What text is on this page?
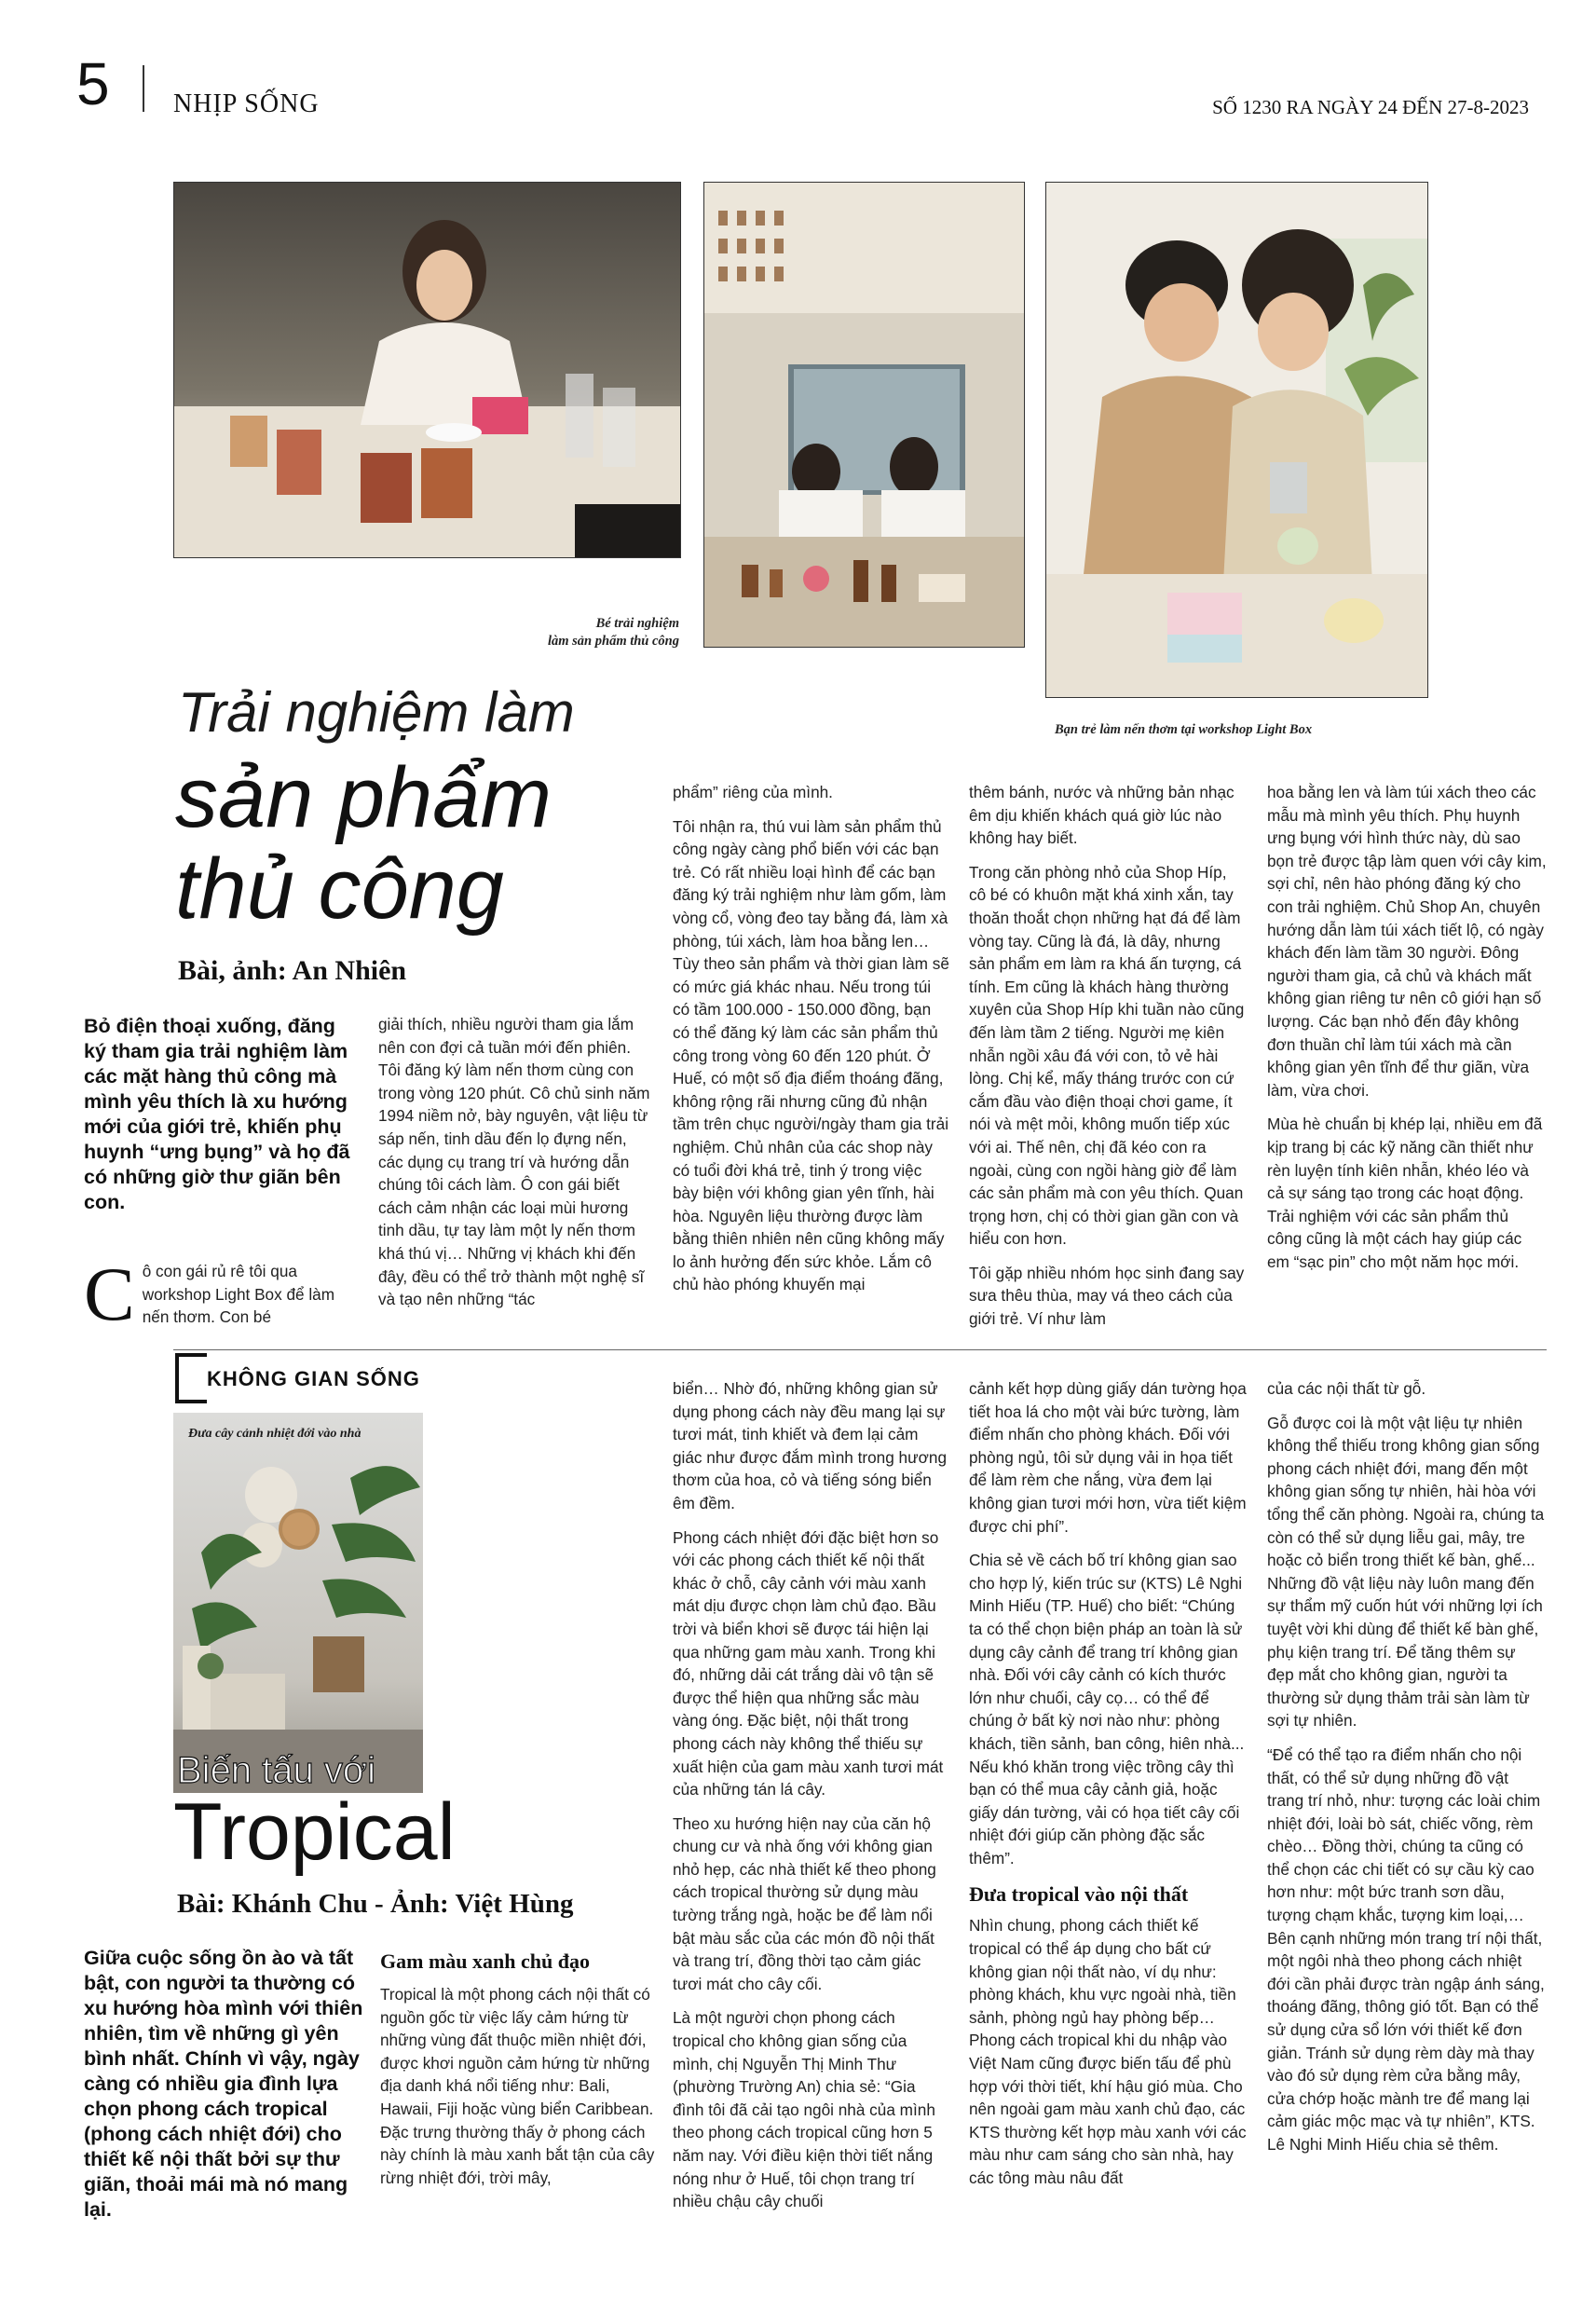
5 NHỊP SỐNG	SỐ 1230 RA NGÀY 24 ĐẾN 27-8-2023
Bé trải nghiệm
làm sản phẩm thủ công
Bạn trẻ làm nến thơm tại workshop Light Box
Trải nghiệm làm
sản phẩm
thủ công
Bài, ảnh: An Nhiên
Bỏ điện thoại xuống, đăng ký tham gia trải nghiệm làm các mặt hàng thủ công mà mình yêu thích là xu hướng mới của giới trẻ, khiến phụ huynh “ưng bụng” và họ đã có những giờ thư giãn bên con.
C ô con gái rủ rê tôi qua workshop Light Box để làm nến thơm. Con bé

giải thích, nhiều người tham gia lắm nên con đợi cả tuần mới đến phiên. Tôi đăng ký làm nến thơm cùng con trong vòng 120 phút. Cô chủ sinh năm 1994 niềm nở, bày nguyên, vật liệu từ sáp nến, tinh dầu đến lọ đựng nến, các dụng cụ trang trí và hướng dẫn chúng tôi cách làm. Ô con gái biết cách cảm nhận các loại mùi hương tinh dầu, tự tay làm một ly nến thơm khá thú vị… Những vị khách khi đến đây, đều có thể trở thành một nghệ sĩ và tạo nên những “tác

phẩm” riêng của mình.

Tôi nhận ra, thú vui làm sản phẩm thủ công ngày càng phổ biến với các bạn trẻ. Có rất nhiều loại hình để các bạn đăng ký trải nghiệm như làm gốm, làm vòng cổ, vòng đeo tay bằng đá, làm xà phòng, túi xách, làm hoa bằng len… Tùy theo sản phẩm và thời gian làm sẽ có mức giá khác nhau. Nếu trong túi có tầm 100.000 - 150.000 đồng, bạn có thể đăng ký làm các sản phẩm thủ công trong vòng 60 đến 120 phút. Ở Huế, có một số địa điểm thoáng đãng, không rộng rãi nhưng cũng đủ nhận tầm trên chục người/ngày tham gia trải nghiệm. Chủ nhân của các shop này có tuổi đời khá trẻ, tinh ý trong việc bày biện với không gian yên tĩnh, hài hòa. Nguyên liệu thường được làm bằng thiên nhiên nên cũng không mấy lo ảnh hưởng đến sức khỏe. Lắm cô chủ hào phóng khuyến mại

thêm bánh, nước và những bản nhạc êm dịu khiến khách quá giờ lúc nào không hay biết.

Trong căn phòng nhỏ của Shop Híp, cô bé có khuôn mặt khá xinh xắn, tay thoăn thoắt chọn những hạt đá để làm vòng tay. Cũng là đá, là dây, nhưng sản phẩm em làm ra khá ấn tượng, cá tính. Em cũng là khách hàng thường xuyên của Shop Híp khi tuần nào cũng đến làm tầm 2 tiếng. Người mẹ kiên nhẫn ngồi xâu đá với con, tỏ vẻ hài lòng. Chị kể, mấy tháng trước con cứ cắm đầu vào điện thoại chơi game, ít nói và mệt mỏi, không muốn tiếp xúc với ai. Thế nên, chị đã kéo con ra ngoài, cùng con ngồi hàng giờ để làm các sản phẩm mà con yêu thích. Quan trọng hơn, chị có thời gian gần con và hiểu con hơn.

Tôi gặp nhiều nhóm học sinh đang say sưa thêu thùa, may vá theo cách của giới trẻ. Ví như làm

hoa bằng len và làm túi xách theo các mẫu mà mình yêu thích. Phụ huynh ưng bụng với hình thức này, dù sao bọn trẻ được tập làm quen với cây kim, sợi chỉ, nên hào phóng đăng ký cho con trải nghiệm. Chủ Shop An, chuyên hướng dẫn làm túi xách tiết lộ, có ngày khách đến làm tầm 30 người. Đông người tham gia, cả chủ và khách mất không gian riêng tư nên cô giới hạn số lượng. Các bạn nhỏ đến đây không đơn thuần chỉ làm túi xách mà cần không gian yên tĩnh để thư giãn, vừa làm, vừa chơi.

Mùa hè chuẩn bị khép lại, nhiều em đã kịp trang bị các kỹ năng cần thiết như rèn luyện tính kiên nhẫn, khéo léo và cả sự sáng tạo trong các hoạt động. Trải nghiệm với các sản phẩm thủ công cũng là một cách hay giúp các em “sạc pin” cho một năm học mới.

KHÔNG GIAN SỐNG
Đưa cây cảnh nhiệt đới vào nhà
Biến tấu với
Tropical
Bài: Khánh Chu - Ảnh: Việt Hùng
Giữa cuộc sống ồn ào và tất bật, con người ta thường có xu hướng hòa mình với thiên nhiên, tìm về những gì yên bình nhất. Chính vì vậy, ngày càng có nhiều gia đình lựa chọn phong cách tropical (phong cách nhiệt đới) cho thiết kế nội thất bởi sự thư giãn, thoải mái mà nó mang lại.
Gam màu xanh chủ đạo

Tropical là một phong cách nội thất có nguồn gốc từ việc lấy cảm hứng từ những vùng đất thuộc miền nhiệt đới, được khơi nguồn cảm hứng từ những địa danh khá nổi tiếng như: Bali, Hawaii, Fiji hoặc vùng biển Caribbean. Đặc trưng thường thấy ở phong cách này chính là màu xanh bắt tận của cây rừng nhiệt đới, trời mây,

biển… Nhờ đó, những không gian sử dụng phong cách này đều mang lại sự tươi mát, tinh khiết và đem lại cảm giác như được đắm mình trong hương thơm của hoa, cỏ và tiếng sóng biển êm đềm.

Phong cách nhiệt đới đặc biệt hơn so với các phong cách thiết kế nội thất khác ở chỗ, cây cảnh với màu xanh mát dịu được chọn làm chủ đạo. Bầu trời và biển khơi sẽ được tái hiện lại qua những gam màu xanh. Trong khi đó, những dải cát trắng dài vô tận sẽ được thể hiện qua những sắc màu vàng óng. Đặc biệt, nội thất trong phong cách này không thể thiếu sự xuất hiện của gam màu xanh tươi mát của những tán lá cây.

Theo xu hướng hiện nay của căn hộ chung cư và nhà ống với không gian nhỏ hẹp, các nhà thiết kế theo phong cách tropical thường sử dụng màu tường trắng ngà, hoặc be để làm nổi bật màu sắc của các món đồ nội thất và trang trí, đồng thời tạo cảm giác tươi mát cho cây cối.

Là một người chọn phong cách tropical cho không gian sống của mình, chị Nguyễn Thị Minh Thư (phường Trường An) chia sẻ: “Gia đình tôi đã cải tạo ngôi nhà của mình theo phong cách tropical cũng hơn 5 năm nay. Với điều kiện thời tiết nắng nóng như ở Huế, tôi chọn trang trí nhiều chậu cây chuối

cảnh kết hợp dùng giấy dán tường họa tiết hoa lá cho một vài bức tường, làm điểm nhấn cho phòng khách. Đối với phòng ngủ, tôi sử dụng vải in họa tiết để làm rèm che nắng, vừa đem lại không gian tươi mới hơn, vừa tiết kiệm được chi phí”.

Chia sẻ về cách bố trí không gian sao cho hợp lý, kiến trúc sư (KTS) Lê Nghi Minh Hiếu (TP. Huế) cho biết: “Chúng ta có thể chọn biện pháp an toàn là sử dụng cây cảnh để trang trí không gian nhà. Đối với cây cảnh có kích thước lớn như chuối, cây cọ… có thể để chúng ở bất kỳ nơi nào như: phòng khách, tiền sảnh, ban công, hiên nhà... Nếu khó khăn trong việc trồng cây thì bạn có thể mua cây cảnh giả, hoặc giấy dán tường, vải có họa tiết cây cối nhiệt đới giúp căn phòng đặc sắc thêm”.

Đưa tropical vào nội thất

Nhìn chung, phong cách thiết kế tropical có thể áp dụng cho bất cứ không gian nội thất nào, ví dụ như: phòng khách, khu vực ngoài nhà, tiền sảnh, phòng ngủ hay phòng bếp… Phong cách tropical khi du nhập vào Việt Nam cũng được biến tấu để phù hợp với thời tiết, khí hậu gió mùa. Cho nên ngoài gam màu xanh chủ đạo, các KTS thường kết hợp màu xanh với các màu như cam sáng cho sàn nhà, hay các tông màu nâu đất

của các nội thất từ gỗ.

Gỗ được coi là một vật liệu tự nhiên không thể thiếu trong không gian sống phong cách nhiệt đới, mang đến một không gian sống tự nhiên, hài hòa với tổng thể căn phòng. Ngoài ra, chúng ta còn có thể sử dụng liễu gai, mây, tre hoặc cỏ biển trong thiết kế bàn, ghế... Những đồ vật liệu này luôn mang đến sự thẩm mỹ cuốn hút với những lợi ích tuyệt vời khi dùng để thiết kế bàn ghế, phụ kiện trang trí. Để tăng thêm sự đẹp mắt cho không gian, người ta thường sử dụng thảm trải sàn làm từ sợi tự nhiên.

“Để có thể tạo ra điểm nhấn cho nội thất, có thể sử dụng những đồ vật trang trí nhỏ, như: tượng các loài chim nhiệt đới, loài bò sát, chiếc võng, rèm chèo… Đồng thời, chúng ta cũng có thể chọn các chi tiết có sự cầu kỳ cao hơn như: một bức tranh sơn dầu, tượng chạm khắc, tượng kim loại,… Bên cạnh những món trang trí nội thất, một ngôi nhà theo phong cách nhiệt đới cần phải được tràn ngập ánh sáng, thoáng đãng, thông gió tốt. Bạn có thể sử dụng cửa sổ lớn với thiết kế đơn giản. Tránh sử dụng rèm dày mà thay vào đó sử dụng rèm cửa bằng mây, cửa chớp hoặc mành tre để mang lại cảm giác mộc mạc và tự nhiên”, KTS. Lê Nghi Minh Hiếu chia sẻ thêm.
